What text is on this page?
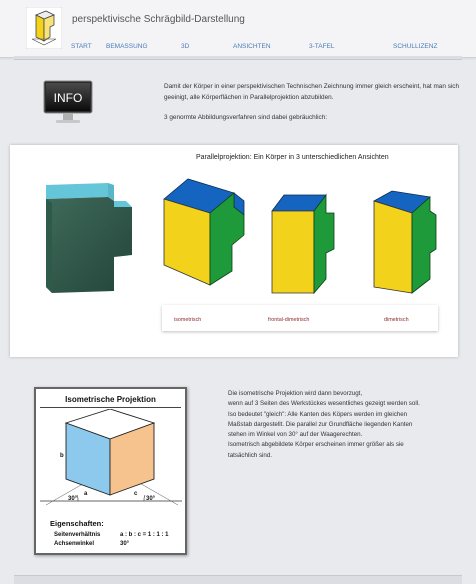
perspektivische Schrägbild-Darstellung
START BEMASSUNG	3D	ANSICHTEN	3-TAFEL	SCHULLIZENZ
INFO

Damit der Körper in einer perspektivischen Technischen Zeichnung immer gleich erscheint, hat man sich geeinigt, alle Körperflächen in Parallelprojektion abzubilden.

3 genormte Abbildungsverfahren sind dabei gebräuchlich:

Parallelprojektion: Ein Körper in 3 unterschiedlichen Ansichten
isometrisch	frontal-dimetrisch	dimetrisch
Isometrische Projektion
b
a	c
30°	30°
Eigenschaften:
Seitenverhältnis	a : b : c = 1 : 1 : 1
Achsenwinkel	30°
Die isometrische Projektion wird dann bevorzugt,
wenn auf 3 Seiten des Werkstückes wesentliches gezeigt werden soll.
Iso bedeutet "gleich": Alle Kanten des Köpers werden im gleichen
Maßstab dargestellt. Die parallel zur Grundfläche liegenden Kanten
stehen im Winkel von 30° auf der Waagerechten.
Isometrisch abgebildete Körper erscheinen immer größer als sie
tatsächlich sind.
